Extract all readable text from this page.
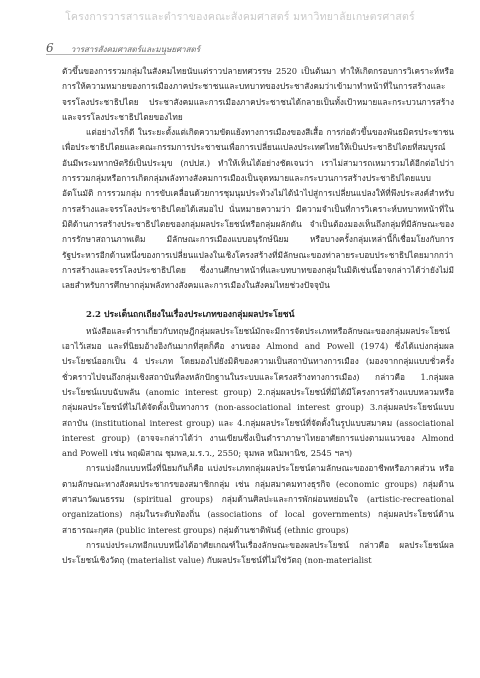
โครงการวารสารและตำราของคณะสังคมศาสตร์ มหาวิทยาลัยเกษตรศาสตร์
6 วารสารสังคมศาสตร์และมนุษยศาสตร์

ตัวขึ้นของการรวมกลุ่มในสังคมไทยนับแต่ราวปลายทศวรรษ 2520 เป็นต้นมา ทำให้เกิดกรอบการวิเคราะห์หรือการให้ความหมายของการเมืองภาคประชาชนและบทบาทของประชาสังคมว่าเข้ามาทำหน้าที่ในการสร้างและจรรโลงประชาธิปไตย ประชาสังคมและการเมืองภาคประชาชนได้กลายเป็นทั้งเป้าหมายและกระบวนการสร้างและจรรโลงประชาธิปไตยของไทย

แต่อย่างไรก็ดี ในระยะตั้งแต่เกิดความขัดแย้งทางการเมืองของสีเสื้อ การก่อตัวขึ้นของพันธมิตรประชาชนเพื่อประชาธิปไตยและคณะกรรมการประชาชนเพื่อการเปลี่ยนแปลงประเทศไทยให้เป็นประชาธิปไตยที่สมบูรณ์อันมีพระมหากษัตริย์เป็นประมุข (กปปส.) ทำให้เห็นได้อย่างชัดเจนว่า เราไม่สามารถเหมารวมได้อีกต่อไปว่า การรวมกลุ่มหรือการเกิดกลุ่มพลังทางสังคมการเมืองเป็นจุดหมายและกระบวนการสร้างประชาธิปไตยแบบอัตโนมัติ การรวมกลุ่ม การขับเคลื่อนด้วยการชุมนุมประท้วงไม่ได้นำไปสู่การเปลี่ยนแปลงให้ที่พึงประสงค์สำหรับการสร้างและจรรโลงประชาธิปไตยได้เสมอไป นั่นหมายความว่า มีความจำเป็นที่การวิเคราะห์บทบาทหน้าที่ในมิติด้านการสร้างประชาธิปไตยของกลุ่มผลประโยชน์หรือกลุ่มผลักดัน จำเป็นต้องมองเห็นถึงกลุ่มที่มีลักษณะของการรักษาสถานภาพเดิม มีลักษณะการเมืองแบบอนุรักษ์นิยม หรือบางครั้งกลุ่มเหล่านี้ก็เชื่อมโยงกับการรัฐประหารอีกด้านหนึ่งของการเปลี่ยนแปลงในเชิงโครงสร้างที่มีลักษณะของท่าลายระบอบประชาธิปไตยมากกว่าการสร้างและจรรโลงประชาธิปไตย ซึ่งงานศึกษาหน้าที่และบทบาทของกลุ่มในมิติเช่นนี้อาจกล่าวได้ว่ายังไม่มีเลยสำหรับการศึกษากลุ่มพลังทางสังคมและการเมืองในสังคมไทยช่วงปัจจุบัน

2.2 ประเด็นถกเถียงในเรื่องประเภทของกลุ่มผลประโยชน์

หนังสือและตำราเกี่ยวกับทฤษฎีกลุ่มผลประโยชน์มักจะมีการจัดประเภทหรือลักษณะของกลุ่มผลประโยชน์เอาไว้เสมอ และที่นิยมอ้างอิงกันมากที่สุดก็คือ งานของ Almond and Powell (1974) ซึ่งได้แบ่งกลุ่มผลประโยชน์ออกเป็น 4 ประเภท โดยมองไปยังมิติของความเป็นสถาบันทางการเมือง (มองจากกลุ่มแบบชั่วครั้งชั่วคราวไปจนถึงกลุ่มเชิงสถาบันที่ลงหลักปักฐานในระบบและโครงสร้างทางการเมือง) กล่าวคือ 1.กลุ่มผลประโยชน์แบบฉับพลัน (anomic interest group) 2.กลุ่มผลประโยชน์ที่มิได้มีโครงการสร้างแบบหลวมหรือกลุ่มผลประโยชน์ที่ไม่ได้จัดตั้งเป็นทางการ (non-associational interest group) 3.กลุ่มผลประโยชน์แบบสถาบัน (institutional interest group) และ 4.กลุ่มผลประโยชน์ที่จัดตั้งในรูปแบบสมาคม (associational interest group) (อาจจะกล่าวได้ว่า งานเขียนซึ่งเป็นตำราภาษาไทยอาศัยการแบ่งตามแนวของ Almond and Powell เช่น พฤฒิสาณ ชุมพล,ม.ร.ว., 2550; จุมพล หนิมพานิช, 2545 ฯลฯ)

การแบ่งอีกแบบหนึ่งที่นิยมกันก็คือ แบ่งประเภทกลุ่มผลประโยชน์ตามลักษณะของอาชีพหรือภาคส่วน หรือตามลักษณะทางสังคมประชากรของสมาชิกกลุ่ม เช่น กลุ่มสมาคมทางธุรกิจ (economic groups) กลุ่มด้านศาสนาวัฒนธรรม (spiritual groups) กลุ่มด้านศิลปะและการพักผ่อนหย่อนใจ (artistic-recreational organizations) กลุ่มในระดับท้องถิ่น (associations of local governments) กลุ่มผลประโยชน์ด้านสาธารณะกุศล (public interest groups) กลุ่มด้านชาติพันธุ์ (ethnic groups)

การแบ่งประเภทอีกแบบหนึ่งได้อาศัยเกณฑ์ในเรื่องลักษณะของผลประโยชน์ กล่าวคือ ผลประโยชน์ผลประโยชน์เชิงวัตถุ (materialist value) กับผลประโยชน์ที่ไม่ใช่วัตถุ (non-materialist
